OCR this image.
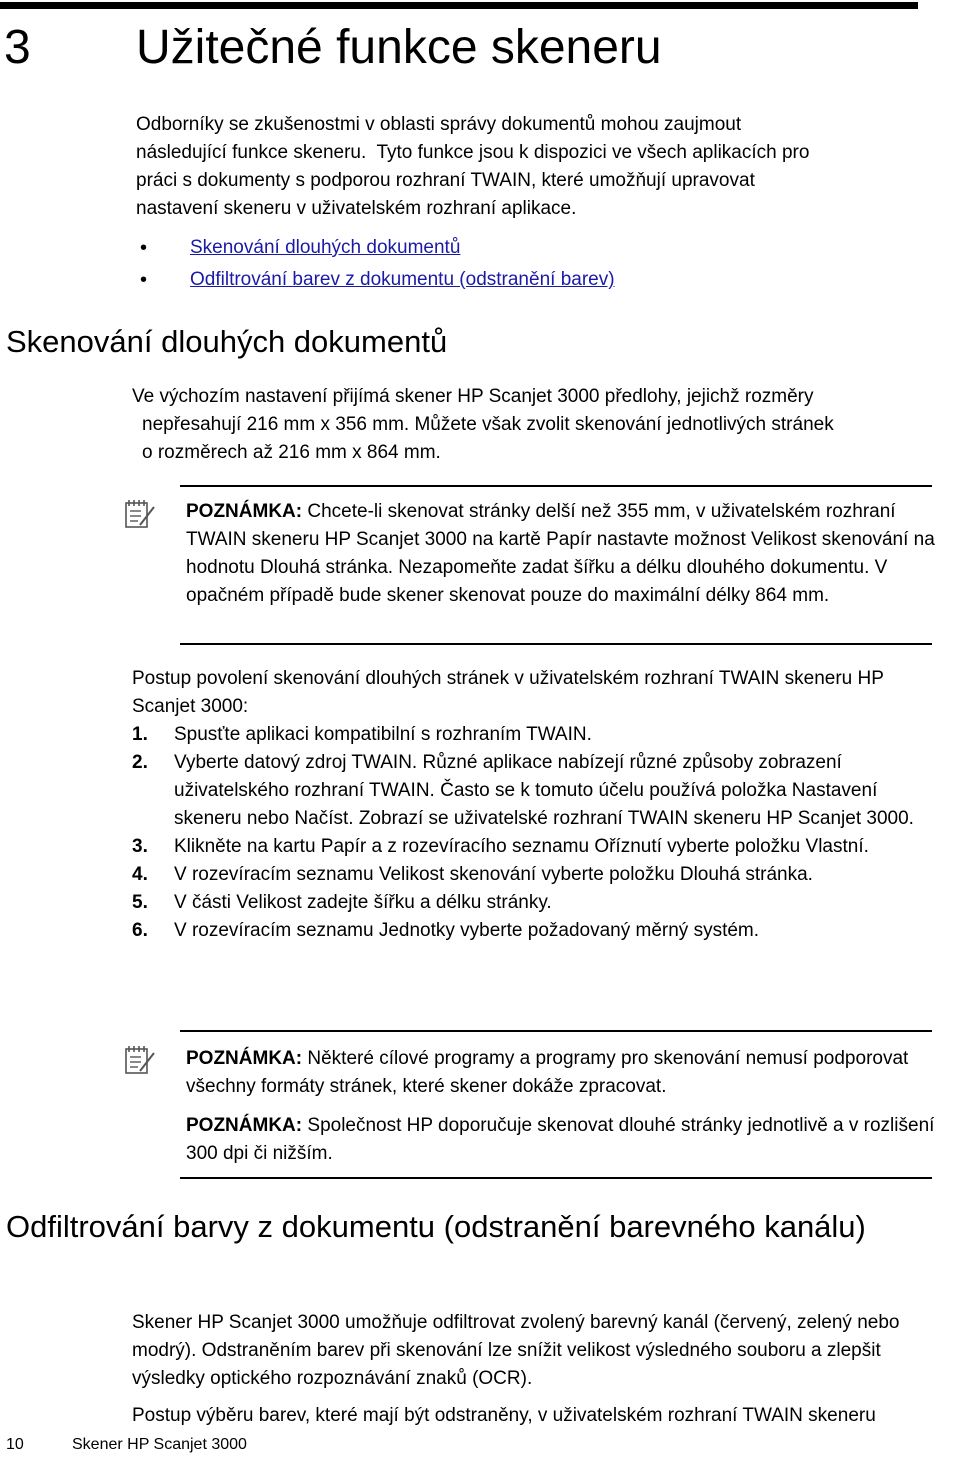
3 Užitečné funkce skeneru
Odborníky se zkušenostmi v oblasti správy dokumentů mohou zaujmout
následující funkce skeneru.  Tyto funkce jsou k dispozici ve všech aplikacích pro
práci s dokumenty s podporou rozhraní TWAIN, které umožňují upravovat
nastavení skeneru v uživatelském rozhraní aplikace.
• Skenování dlouhých dokumentů
• Odfiltrování barev z dokumentu (odstranění barev)
Skenování dlouhých dokumentů
Ve výchozím nastavení přijímá skener HP Scanjet 3000 předlohy, jejichž rozměry
nepřesahují 216 mm x 356 mm. Můžete však zvolit skenování jednotlivých stránek
o rozměrech až 216 mm x 864 mm.
POZNÁMKA: Chcete-li skenovat stránky delší než 355 mm, v uživatelském rozhraní TWAIN skeneru HP Scanjet 3000 na kartě Papír nastavte možnost Velikost skenování na hodnotu Dlouhá stránka. Nezapomeňte zadat šířku a délku dlouhého dokumentu. V opačném případě bude skener skenovat pouze do maximální délky 864 mm.
Postup povolení skenování dlouhých stránek v uživatelském rozhraní TWAIN skeneru HP Scanjet 3000:
1. Spusťte aplikaci kompatibilní s rozhraním TWAIN.
2. Vyberte datový zdroj TWAIN. Různé aplikace nabízejí různé způsoby zobrazení uživatelského rozhraní TWAIN. Často se k tomuto účelu používá položka Nastavení skeneru nebo Načíst. Zobrazí se uživatelské rozhraní TWAIN skeneru HP Scanjet 3000.
3. Klikněte na kartu Papír a z rozevíracího seznamu Oříznutí vyberte položku Vlastní.
4. V rozevíracím seznamu Velikost skenování vyberte položku Dlouhá stránka.
5. V části Velikost zadejte šířku a délku stránky.
6. V rozevíracím seznamu Jednotky vyberte požadovaný měrný systém.
POZNÁMKA: Některé cílové programy a programy pro skenování nemusí podporovat všechny formáty stránek, které skener dokáže zpracovat.
POZNÁMKA: Společnost HP doporučuje skenovat dlouhé stránky jednotlivě a v rozlišení 300 dpi či nižším.
Odfiltrování barvy z dokumentu (odstranění barevného kanálu)
Skener HP Scanjet 3000 umožňuje odfiltrovat zvolený barevný kanál (červený, zelený nebo modrý). Odstraněním barev při skenování lze snížit velikost výsledného souboru a zlepšit výsledky optického rozpoznávání znaků (OCR).
Postup výběru barev, které mají být odstraněny, v uživatelském rozhraní TWAIN skeneru
10	Skener HP Scanjet 3000
